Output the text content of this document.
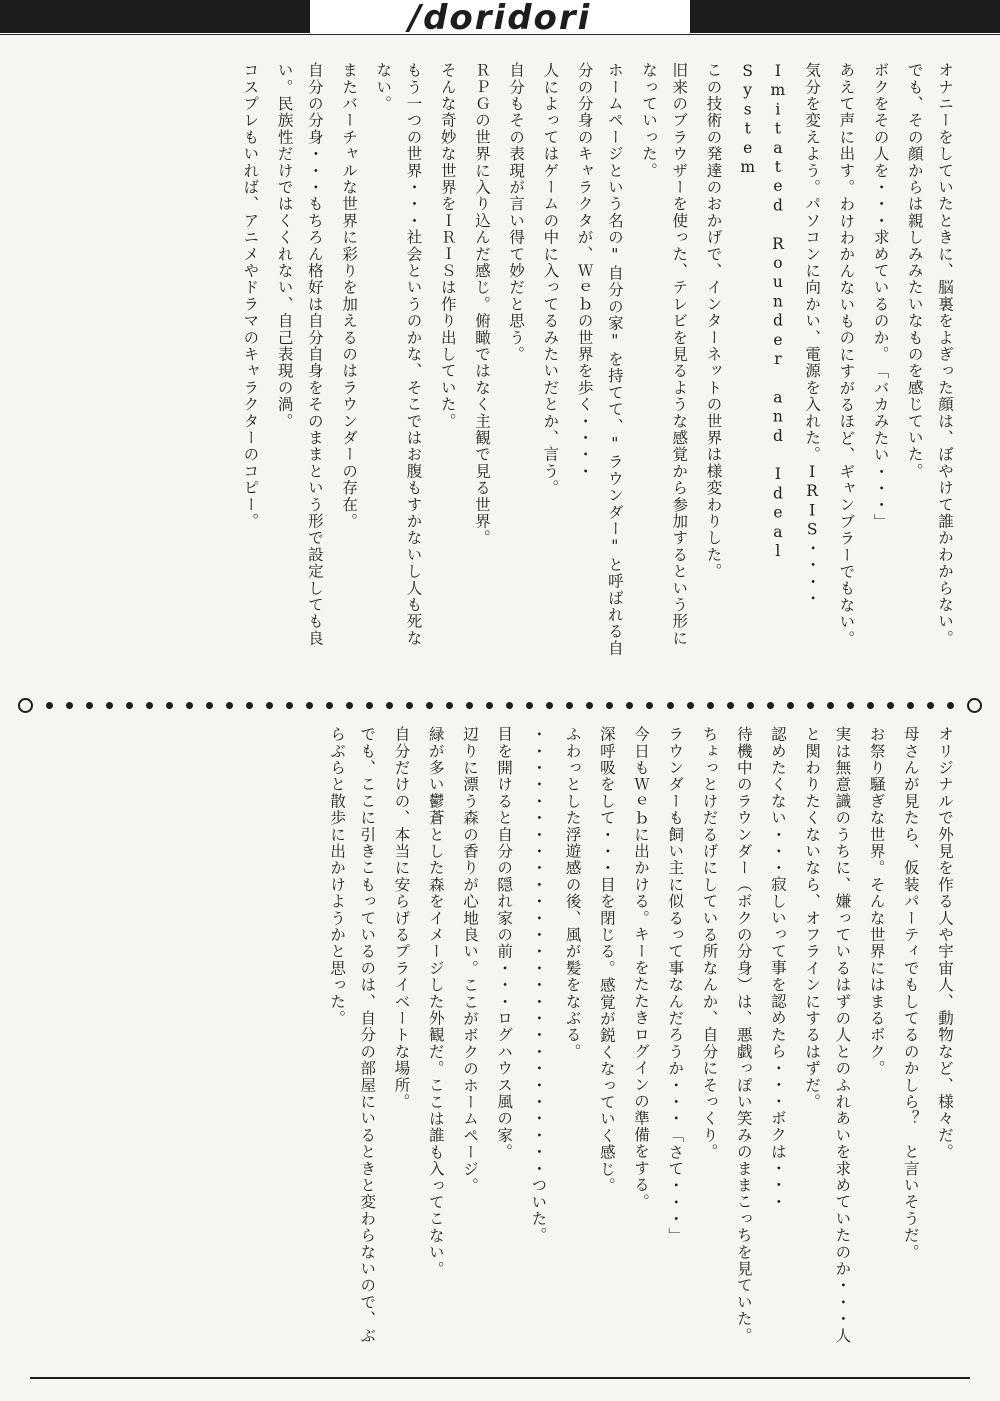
/doridori
オナニーをしていたときに、脳裏をよぎった顔は、ぼやけて誰かわからない。でも、その顔からは親しみみたいなものを感じていた。ボクをその人を・・・求めているのか。「バカみたい・・・」あえて声に出す。わけわかんないものにすがるほど、ギャンブラーでもない。気分を変えよう。パソコンに向かい、電源を入れた。IRIS・・・・Imitated Rounder and Ideal Systemこの技術の発達のおかげで、インターネットの世界は様変わりした。旧来のブラウザーを使った、テレビを見るような感覚から参加するという形になっていった。ホームページという名の"自分の家"を持てて、"ラウンダー"と呼ばれる自分の分身のキャラクタが、Ｗｅｂの世界を歩く・・・・人によってはゲームの中に入ってるみたいだとか、言う。自分もその表現が言い得て妙だと思う。ＲＰＧの世界に入り込んだ感じ。俯瞰ではなく主観で見る世界。そんな奇妙な世界をＩＲＩＳは作り出していた。もう一つの世界・・・社会というのかな、そこではお腹もすかないし人も死なない。またバーチャルな世界に彩りを加えるのはラウンダーの存在。自分の分身・・・もちろん格好は自分自身をそのままという形で設定しても良い。民族性だけではくくれない、自己表現の渦。コスプレもいれば、アニメやドラマのキャラクターのコピー。
オリジナルで外見を作る人や宇宙人、動物など、様々だ。母さんが見たら、仮装パーティでもしてるのかしら？　と言いそうだ。お祭り騒ぎな世界。そんな世界にはまるボク。実は無意識のうちに、嫌っているはずの人とのふれあいを求めていたのか・・・人と関わりたくないなら、オフラインにするはずだ。認めたくない・・・寂しいって事を認めたら・・・ボクは・・・待機中のラウンダー（ボクの分身）は、悪戯っぽい笑みのままこっちを見ていた。ちょっとけだるげにしている所なんか、自分にそっくり。ラウンダーも飼い主に似るって事なんだろうか・・・「さて・・・」今日もＷｅｂに出かける。キーをたたきログインの準備をする。深呼吸をして・・・目を閉じる。感覚が鋭くなっていく感じ。ふわっとした浮遊感の後、風が髪をなぶる。・・・・・・・・・・・・・・・・・・・・・・・・・・・ついた。目を開けると自分の隠れ家の前・・・ログハウス風の家。辺りに漂う森の香りが心地良い。ここがボクのホームページ。緑が多い鬱蒼とした森をイメージした外観だ。ここは誰も入ってこない。自分だけの、本当に安らげるプライベートな場所。でも、ここに引きこもっているのは、自分の部屋にいるときと変わらないので、ぶらぶらと散歩に出かけようかと思った。
